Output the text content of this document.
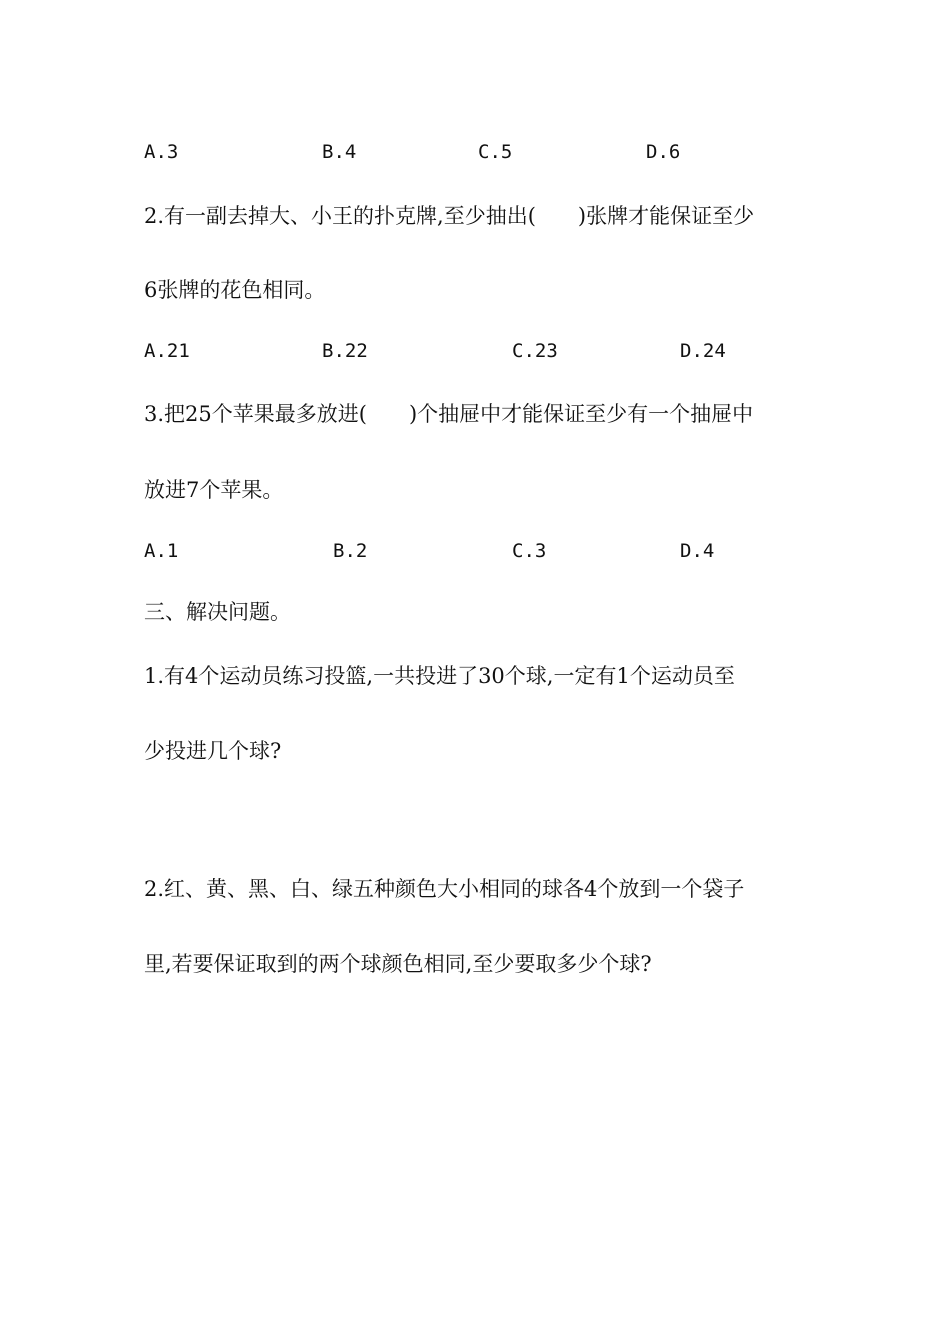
A.3	B.4	C.5	D.6
2.有一副去掉大、小王的扑克牌,至少抽出(　　)张牌才能保证至少
6张牌的花色相同。
A.21	B.22	C.23	D.24
3.把25个苹果最多放进(　　)个抽屉中才能保证至少有一个抽屉中
放进7个苹果。
A.1	B.2	C.3	D.4
三、解决问题。
1.有4个运动员练习投篮,一共投进了30个球,一定有1个运动员至
少投进几个球?
2.红、黄、黑、白、绿五种颜色大小相同的球各4个放到一个袋子
里,若要保证取到的两个球颜色相同,至少要取多少个球?
